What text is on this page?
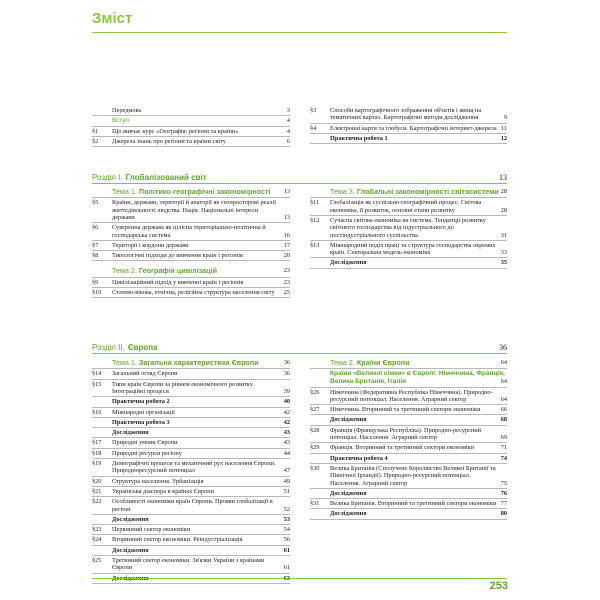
Зміст
Передмова	3
Вступ	4
§1	Що вивчає курс «Географія: регіони та країни»	4
§2	Джерела знань про регіони та країни світу	6
§3	Способи картографічного зображення об'єктів і явищ на тематичних картах. Картографічні методи дослідження	9
§4	Електронні карти та глобуси. Картографічні інтернет-джерела 11
Практична робота 1	12
Розділ І. Глобалізований світ	13
Тема 1. Політико-географічні закономірності 13
§5	Країни, держави, території й анаторії як геопросторові реалії життєдіяльності людства. Нація. Національні інтереси держави	13
§6	Суверенна держава як цілісна територіально-політична й господарська система	16
§7	Території і кордони держави	17
§8	Типологічні підходи до вивчення країн і регіонів	20
Тема 2. Географія цивілізацій	23
§9	Цивілізаційний підхід у вивченні країн і регіонів	23
§10	Статево-вікова, етнічна, релігійна структура населення світу	25
Тема 3. Глобальні закономірності світосистеми 28
§11	Глобалізація як суспільно-географічний процес. Світова економіка, її розвиток, основні етапи розвитку	28
§12	Сучасна світова економіка як система. Тенденції розвитку світового господарства від індустріального до постіндустріального суспільства	31
§13	Міжнародний поділ праці та структура господарства окремих країн. Секторальна модель економіки	33
Дослідження	35
Розділ ІІ. Європа	36
Тема 1. Загальна характеристика Європи	36
§14	Загальний огляд Європи	36
§15	Типи країн Європи за рівнем економічного розвитку. Інтеграційні процеси	39
Практична робота 2	40
§16	Міжнародні організації	42
Практична робота 3	42
Дослідження	43
§17	Природні умови Європи	43
§18	Природні ресурси регіону	44
§19	Демографічні процеси та механічний рух населення Європи. Природноресурсний потенціал	47
§20	Структура населення. Урбанізація	49
§21	Українська діаспора в країнах Європи	51
§22	Особливості економіки країн Європи. Прояви глобалізації в регіоні	52
Дослідження	53
§23	Первинний сектор економіки	54
§24	Вторинний сектор економіки. Реіндустріалізація	56
Дослідження	61
§25	Третинний сектор економіки. Зв'язки України з країнами Європи	61
Тема 2. Країни Європи	64
Країни «Великої сімки» в Європі: Німеччина, Франція, Велика Британія, Італія	64
§26	Німеччина (Федеративна Республіка Німеччина). Природно-ресурсний потенціал. Населення. Аграрний сектор	64
§27	Німеччина. Вторинний та третинний сектори економіки	66
Дослідження	68
§28	Франція (Французька Республіка). Природно-ресурсний потенціал. Населення. Аграрний сектор	69
§29	Франція. Вторинний та третинний сектори економіки	71
Практична робота 4	74
§30	Велика Британія (Сполучене Королівство Великої Британії та Північної Ірландії). Природно-ресурсний потенціал. Населення. Аграрний сектор	75
Дослідження	76
§31	Велика Британія. Вторинний та третинний сектори економіки 77
Дослідження	80
253
